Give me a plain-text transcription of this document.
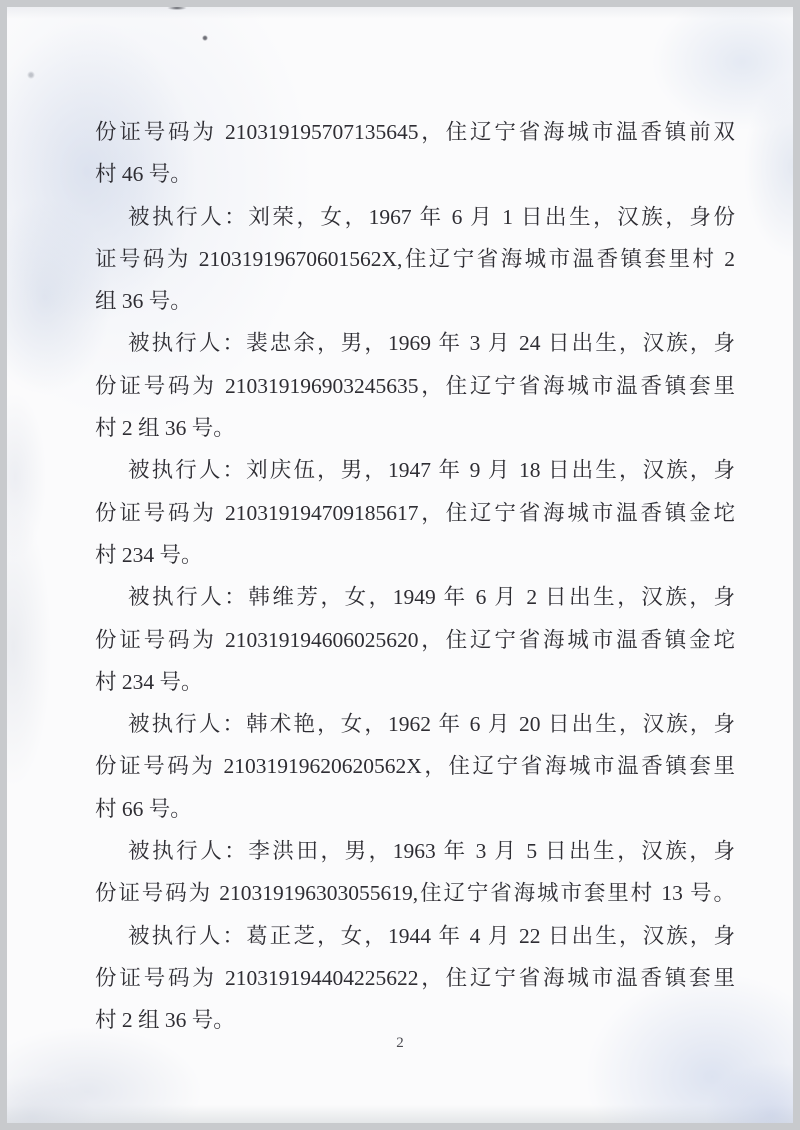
份证号码为 210319195707135645，住辽宁省海城市温香镇前双
村 46 号。
被执行人：刘荣，女，1967 年 6 月 1 日出生，汉族，身份
证号码为 21031919670601562X,住辽宁省海城市温香镇套里村 2
组 36 号。
被执行人：裴忠余，男，1969 年 3 月 24 日出生，汉族，身
份证号码为 210319196903245635，住辽宁省海城市温香镇套里
村 2 组 36 号。
被执行人：刘庆伍，男，1947 年 9 月 18 日出生，汉族，身
份证号码为 210319194709185617，住辽宁省海城市温香镇金坨
村 234 号。
被执行人：韩维芳，女，1949 年 6 月 2 日出生，汉族，身
份证号码为 210319194606025620，住辽宁省海城市温香镇金坨
村 234 号。
被执行人：韩术艳，女，1962 年 6 月 20 日出生，汉族，身
份证号码为 21031919620620562X，住辽宁省海城市温香镇套里
村 66 号。
被执行人：李洪田，男，1963 年 3 月 5 日出生，汉族，身
份证号码为 210319196303055619,住辽宁省海城市套里村 13 号。
被执行人：葛正芝，女，1944 年 4 月 22 日出生，汉族，身
份证号码为 210319194404225622，住辽宁省海城市温香镇套里
村 2 组 36 号。
2
